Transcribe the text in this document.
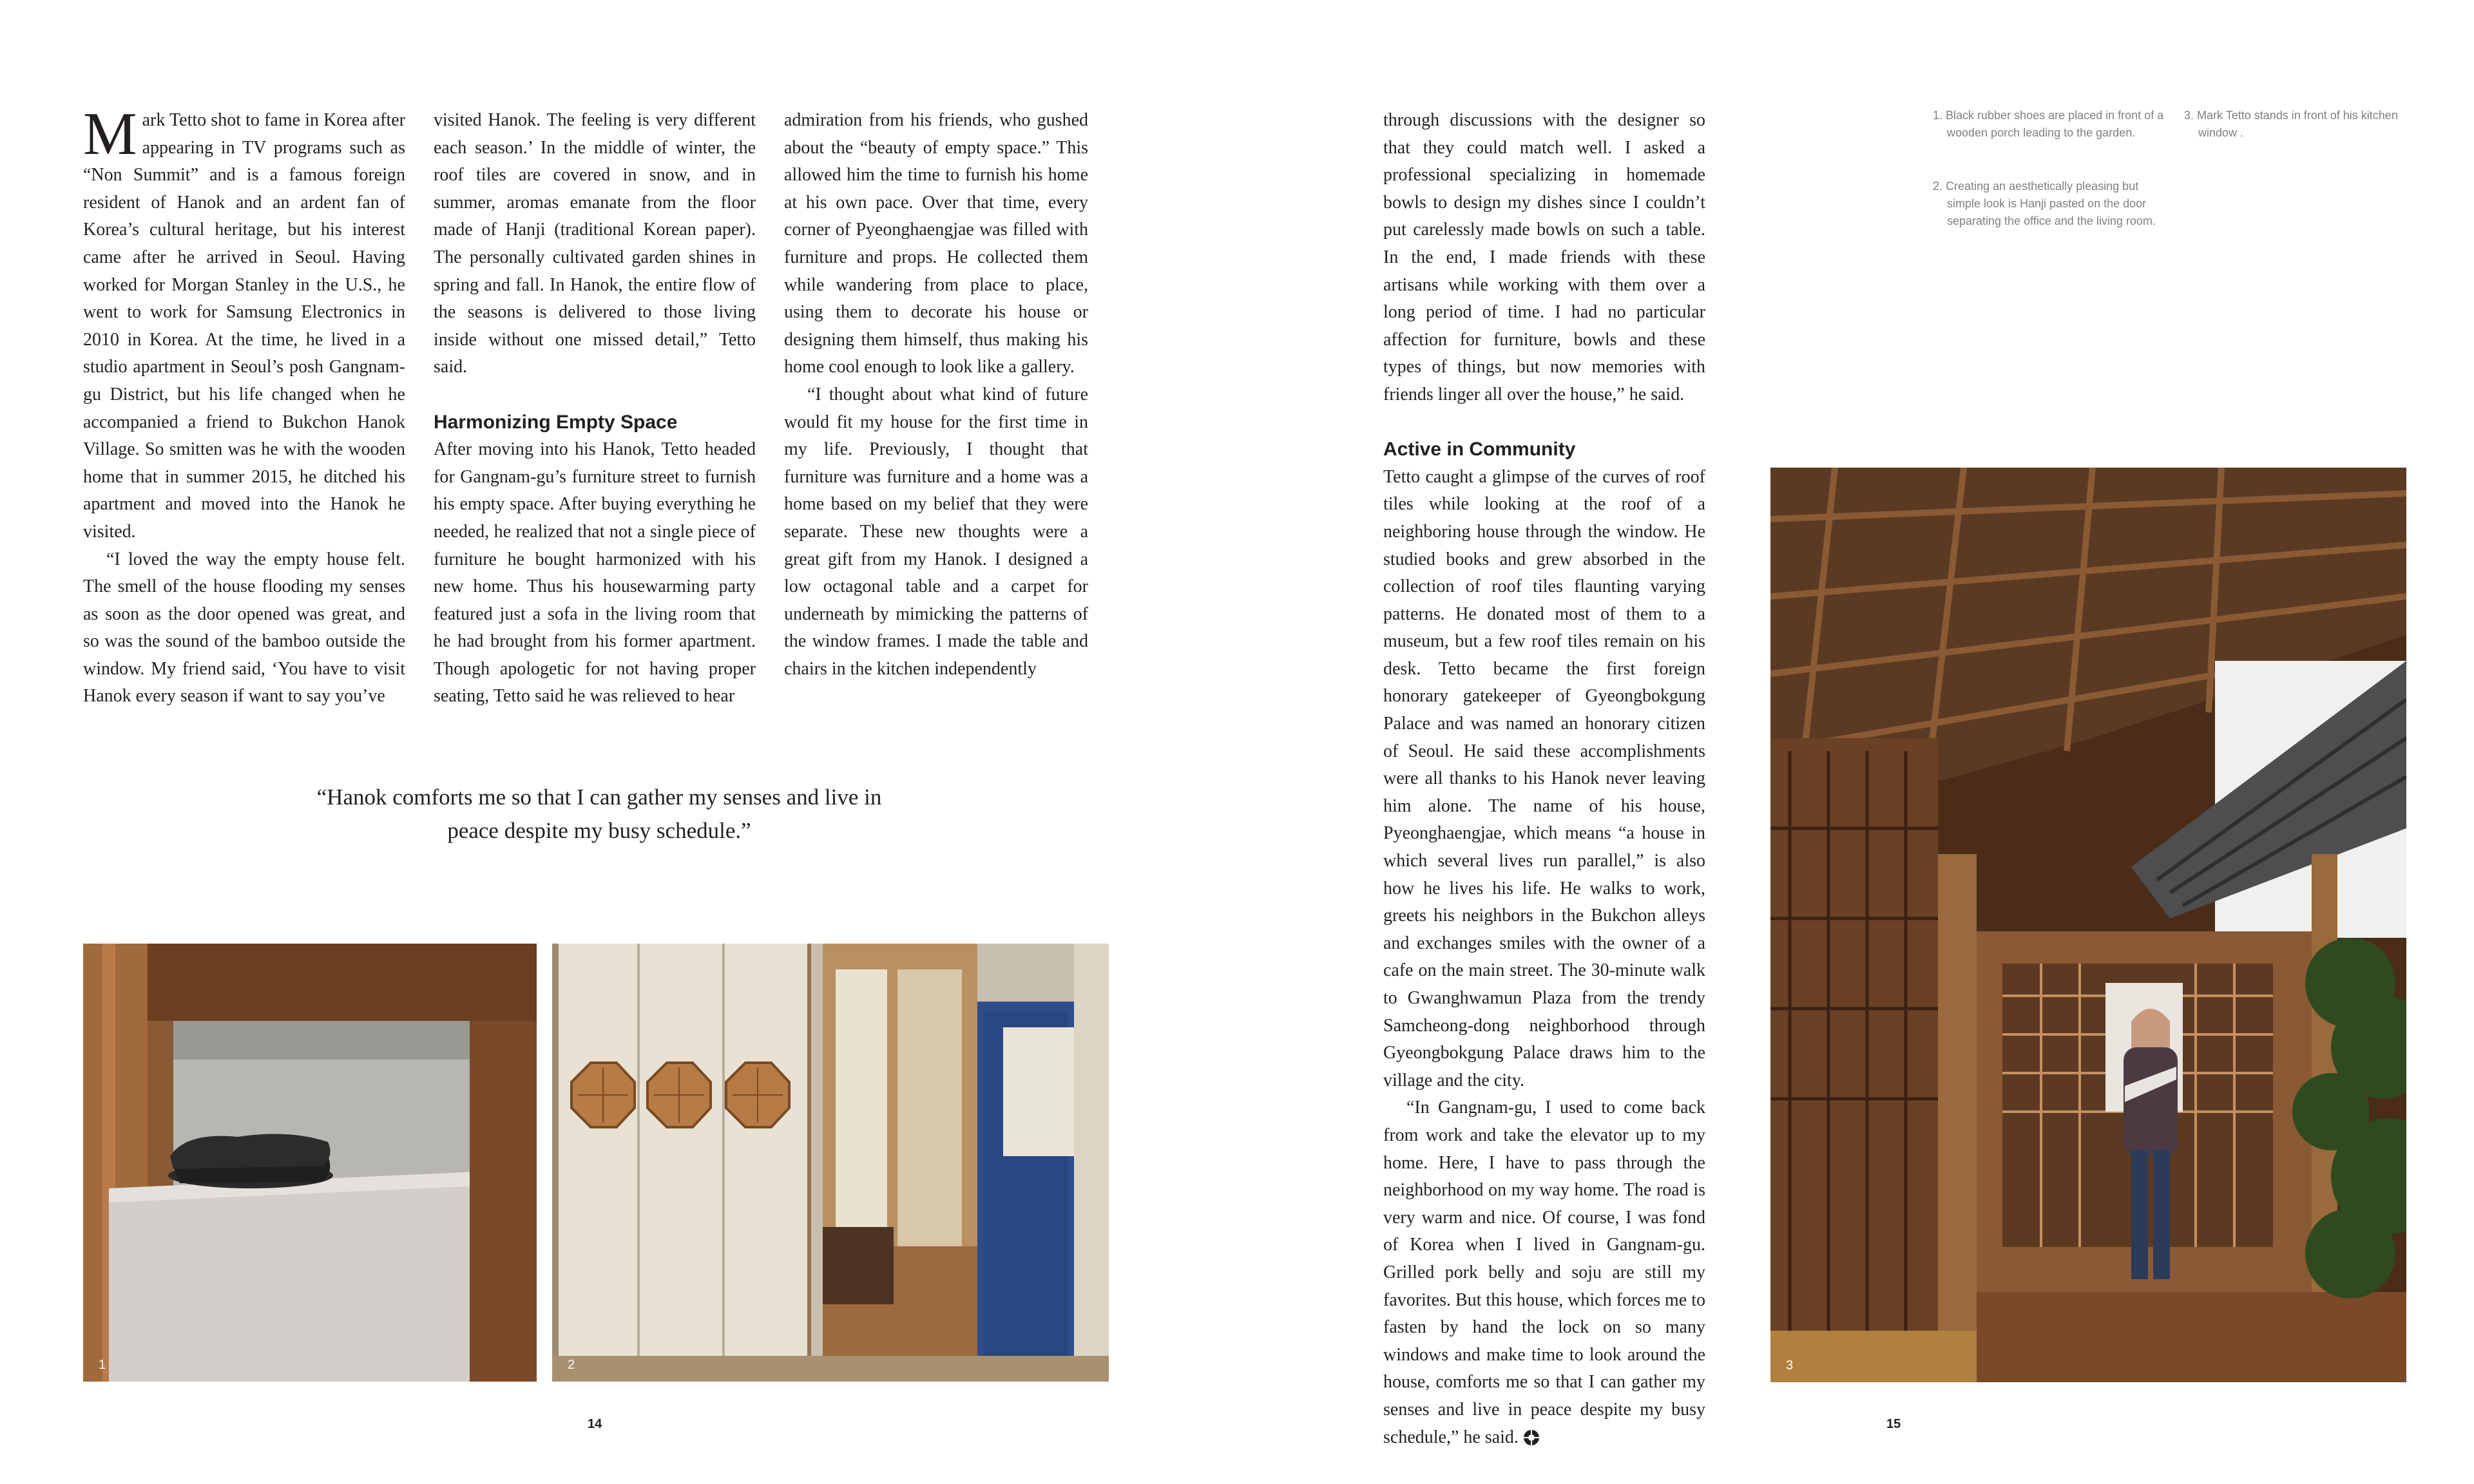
Mark Tetto shot to fame in Korea after appearing in TV programs such as “Non Summit” and is a famous foreign resident of Hanok and an ardent fan of Korea’s cultural heritage, but his interest came after he arrived in Seoul. Having worked for Morgan Stanley in the U.S., he went to work for Samsung Electronics in 2010 in Korea. At the time, he lived in a studio apartment in Seoul’s posh Gangnam-gu District, but his life changed when he accompanied a friend to Bukchon Hanok Village. So smitten was he with the wooden home that in summer 2015, he ditched his apartment and moved into the Hanok he visited.

“I loved the way the empty house felt. The smell of the house flooding my senses as soon as the door opened was great, and so was the sound of the bamboo outside the window. My friend said, ‘You have to visit Hanok every season if want to say you’ve

visited Hanok. The feeling is very different each season.’ In the middle of winter, the roof tiles are covered in snow, and in summer, aromas emanate from the floor made of Hanji (traditional Korean paper). The personally cultivated garden shines in spring and fall. In Hanok, the entire flow of the seasons is delivered to those living inside without one missed detail,” Tetto said.

Harmonizing Empty Space

After moving into his Hanok, Tetto headed for Gangnam-gu’s furniture street to furnish his empty space. After buying everything he needed, he realized that not a single piece of furniture he bought harmonized with his new home. Thus his housewarming party featured just a sofa in the living room that he had brought from his former apartment. Though apologetic for not having proper seating, Tetto said he was relieved to hear

admiration from his friends, who gushed about the “beauty of empty space.” This allowed him the time to furnish his home at his own pace. Over that time, every corner of Pyeonghaengjae was filled with furniture and props. He collected them while wandering from place to place, using them to decorate his house or designing them himself, thus making his home cool enough to look like a gallery.

“I thought about what kind of future would fit my house for the first time in my life. Previously, I thought that furniture was furniture and a home was a home based on my belief that they were separate. These new thoughts were a great gift from my Hanok. I designed a low octagonal table and a carpet for underneath by mimicking the patterns of the window frames. I made the table and chairs in the kitchen independently

“Hanok comforts me so that I can gather my senses and live in peace despite my busy schedule.”

1	2
14

through discussions with the designer so that they could match well. I asked a professional specializing in homemade bowls to design my dishes since I couldn’t put carelessly made bowls on such a table. In the end, I made friends with these artisans while working with them over a long period of time. I had no particular affection for furniture, bowls and these types of things, but now memories with friends linger all over the house,” he said.

Active in Community

Tetto caught a glimpse of the curves of roof tiles while looking at the roof of a neighboring house through the window. He studied books and grew absorbed in the collection of roof tiles flaunting varying patterns. He donated most of them to a museum, but a few roof tiles remain on his desk. Tetto became the first foreign honorary gatekeeper of Gyeongbokgung Palace and was named an honorary citizen of Seoul. He said these accomplishments were all thanks to his Hanok never leaving him alone. The name of his house, Pyeonghaengjae, which means “a house in which several lives run parallel,” is also how he lives his life. He walks to work, greets his neighbors in the Bukchon alleys and exchanges smiles with the owner of a cafe on the main street. The 30-minute walk to Gwanghwamun Plaza from the trendy Samcheong-dong neighborhood through Gyeongbokgung Palace draws him to the village and the city.

“In Gangnam-gu, I used to come back from work and take the elevator up to my home. Here, I have to pass through the neighborhood on my way home. The road is very warm and nice. Of course, I was fond of Korea when I lived in Gangnam-gu. Grilled pork belly and soju are still my favorites. But this house, which forces me to fasten by hand the lock on so many windows and make time to look around the house, comforts me so that I can gather my senses and live in peace despite my busy schedule,” he said.

1. Black rubber shoes are placed in front of a wooden porch leading to the garden.

2. Creating an aesthetically pleasing but simple look is Hanji pasted on the door separating the office and the living room.

3. Mark Tetto stands in front of his kitchen window .

3
15
